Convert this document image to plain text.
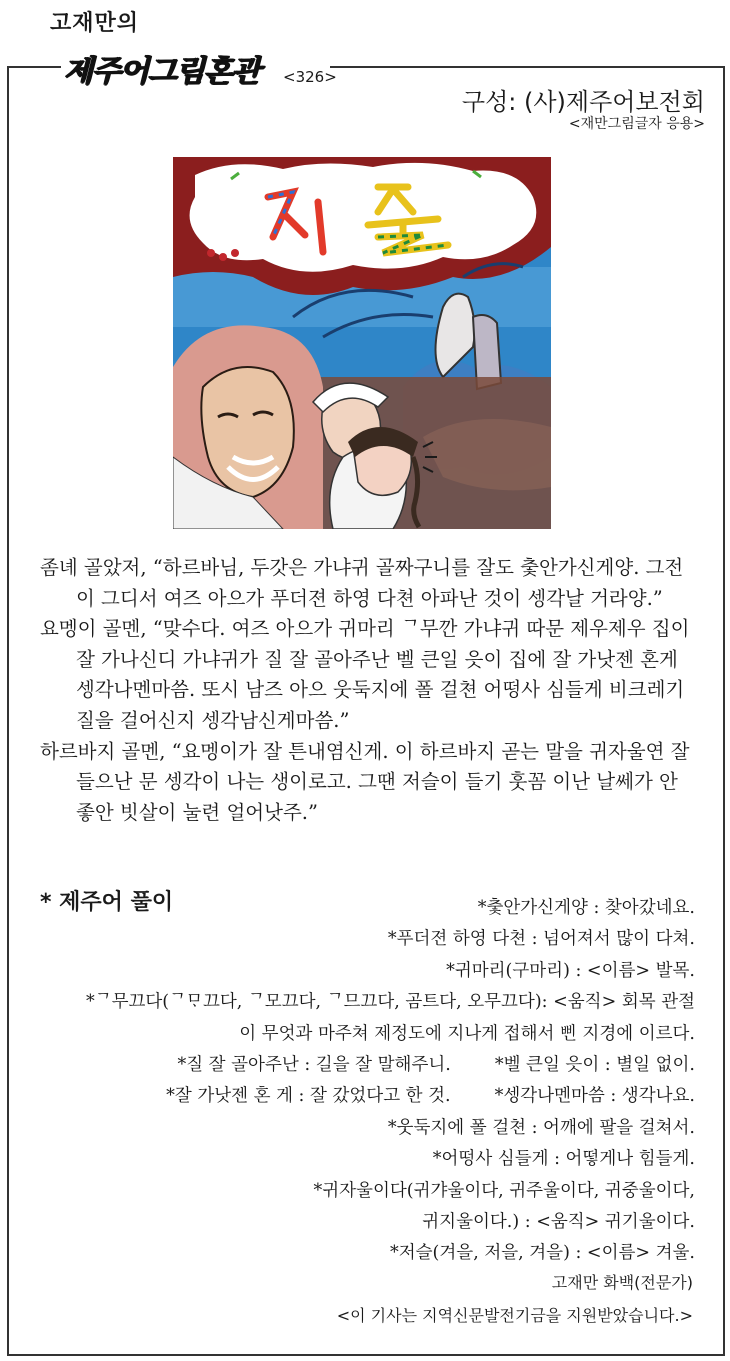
고재만의
제주어그림혼관	<326>
구성: (사)제주어보전회
<재만그림글자 응용>

좀녜 골았저, “하르바님, 두갓은 가냐귀 골짜구니를 잘도 춫안가신게양. 그전이 그디서 여즈 아으가 푸더젼 하영 다쳔 아파난 것이 셍각날 거라양.”

요멩이 골멘, “맞수다. 여즈 아으가 귀마리 ᄀ무깐 가냐귀 따문 제우제우 집이 잘 가나신디 가냐귀가 질 잘 골아주난 벨 큰일 읏이 집에 잘 가낫젠 혼게 셍각나멘마씀. 또시 남즈 아으 웃둑지에 폴 걸쳔 어떵사 심들게 비크레기 질을 걸어신지 셍각남신게마씀.”

하르바지 골멘, “요멩이가 잘 튼내염신게. 이 하르바지 곧는 말을 귀자울연 잘 들으난 문 셍각이 나는 생이로고. 그땐 저슬이 들기 훗꼼 이난 날쎄가 안 좋안 빗살이 눌련 얼어낫주.”

* 제주어 풀이	*춫안가신게양 : 찾아갔네요.
*푸더젼 하영 다쳔 : 넘어져서 많이 다쳐.
*귀마리(구마리) : <이름> 발목.
*ᄀ무끄다(ᄀᄆᆞ끄다, ᄀ모끄다, ᄀ므끄다, 곰트다, 오무끄다): <움직> 회목 관절
이 무엇과 마주쳐 제정도에 지나게 접해서 삔 지경에 이르다.
*질 잘 골아주난 : 길을 잘 말해주니.	*벨 큰일 읏이 : 별일 없이.
*잘 가낫젠 혼 게 : 잘 갔었다고 한 것.	*셍각나멘마씀 : 생각나요.
*웃둑지에 폴 걸쳔 : 어깨에 팔을 걸쳐서.
*어떵사 심들게 : 어떻게나 힘들게.
*귀자울이다(귀갸울이다, 귀주울이다, 귀중울이다,
귀지울이다.) : <움직> 귀기울이다.
*저슬(겨을, 저을, 겨을) : <이름> 겨울.
고재만 화백(전문가)
<이 기사는 지역신문발전기금을 지원받았습니다.>
